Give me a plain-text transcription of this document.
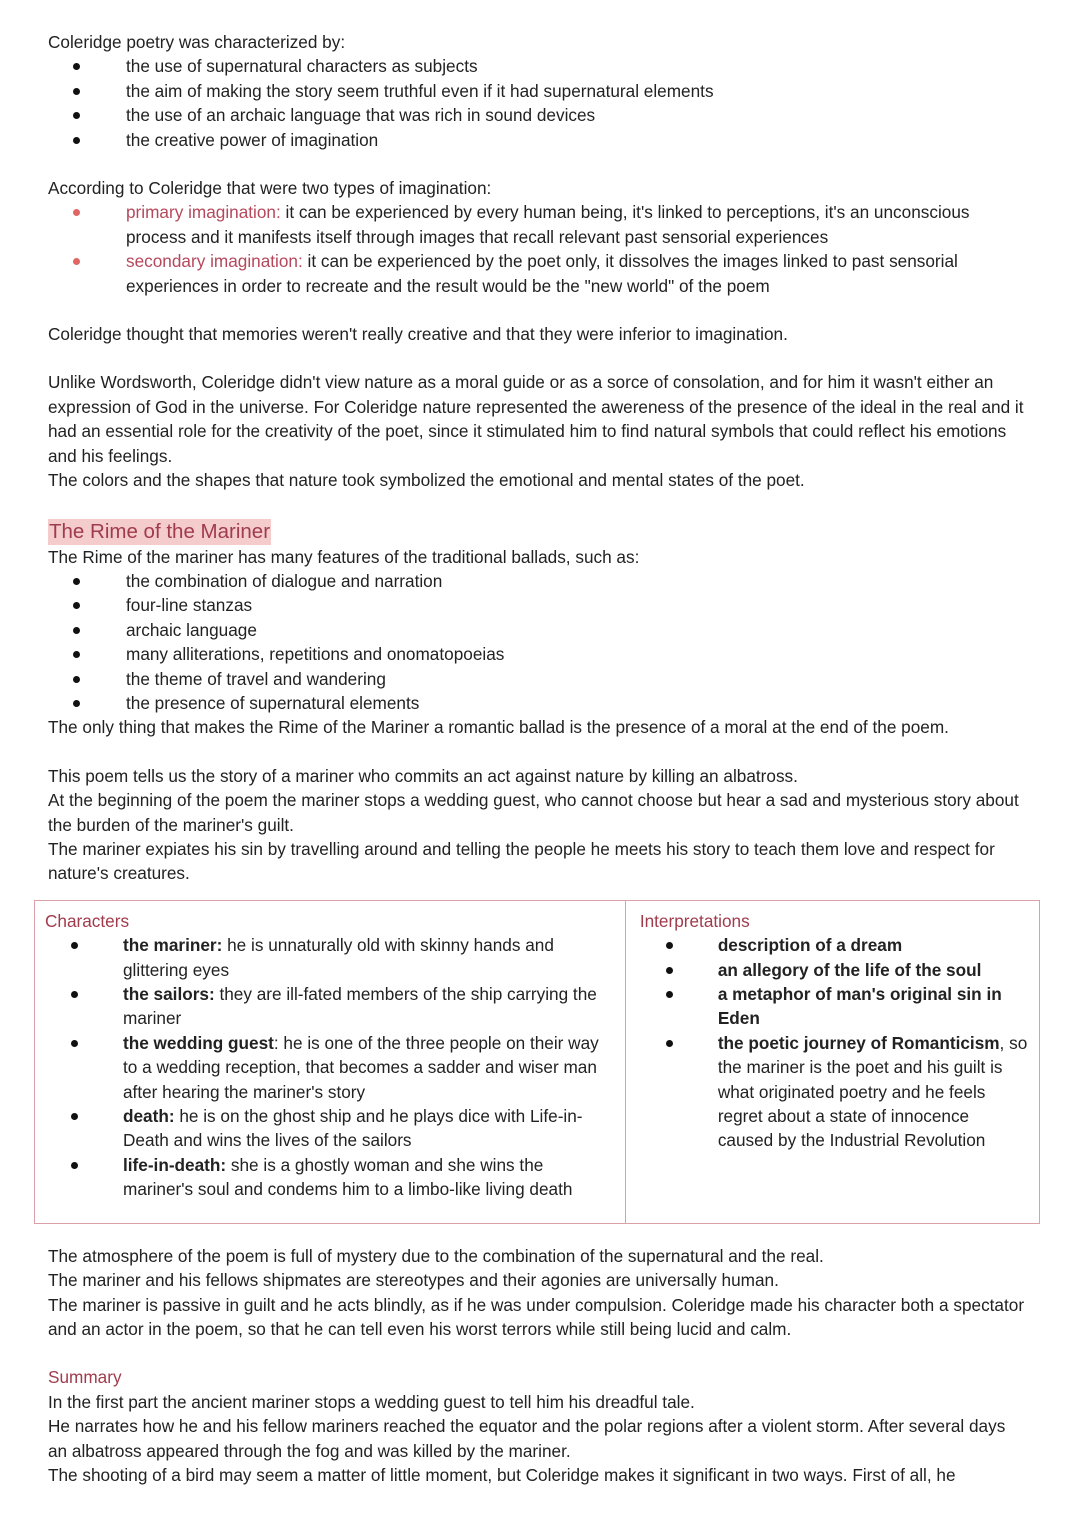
Coleridge poetry was characterized by:

the use of supernatural characters as subjects
the aim of making the story seem truthful even if it had supernatural elements
the use of an archaic language that was rich in sound devices
the creative power of imagination

According to Coleridge that were two types of imagination:

primary imagination: it can be experienced by every human being, it's linked to perceptions, it's an unconscious process and it manifests itself through images that recall relevant past sensorial experiences
secondary imagination: it can be experienced by the poet only, it dissolves the images linked to past sensorial experiences in order to recreate and the result would be the "new world" of the poem

Coleridge thought that memories weren't really creative and that they were inferior to imagination.

Unlike Wordsworth, Coleridge didn't view nature as a moral guide or as a sorce of consolation, and for him it wasn't either an expression of God in the universe. For Coleridge nature represented the awereness of the presence of the ideal in the real and it had an essential role for the creativity of the poet, since it stimulated him to find natural symbols that could reflect his emotions and his feelings.

The colors and the shapes that nature took symbolized the emotional and mental states of the poet.

The Rime of the Mariner

The Rime of the mariner has many features of the traditional ballads, such as:

the combination of dialogue and narration
four-line stanzas
archaic language
many alliterations, repetitions and onomatopoeias
the theme of travel and wandering
the presence of supernatural elements

The only thing that makes the Rime of the Mariner a romantic ballad is the presence of a moral at the end of the poem.

This poem tells us the story of a mariner who commits an act against nature by killing an albatross.

At the beginning of the poem the mariner stops a wedding guest, who cannot choose but hear a sad and mysterious story about the burden of the mariner's guilt.

The mariner expiates his sin by travelling around and telling the people he meets his story to teach them love and respect for nature's creatures.

Characters
the mariner: he is unnaturally old with skinny hands and glittering eyes
the sailors: they are ill-fated members of the ship carrying the mariner
the wedding guest: he is one of the three people on their way to a wedding reception, that becomes a sadder and wiser man after hearing the mariner's story
death: he is on the ghost ship and he plays dice with Life-in-Death and wins the lives of the sailors
life-in-death: she is a ghostly woman and she wins the mariner's soul and condems him to a limbo-like living death
Interpretations
description of a dream
an allegory of the life of the soul
a metaphor of man's original sin in Eden
the poetic journey of Romanticism, so the mariner is the poet and his guilt is what originated poetry and he feels regret about a state of innocence caused by the Industrial Revolution

The atmosphere of the poem is full of mystery due to the combination of the supernatural and the real.

The mariner and his fellows shipmates are stereotypes and their agonies are universally human.

The mariner is passive in guilt and he acts blindly, as if he was under compulsion. Coleridge made his character both a spectator and an actor in the poem, so that he can tell even his worst terrors while still being lucid and calm.

Summary

In the first part the ancient mariner stops a wedding guest to tell him his dreadful tale.

He narrates how he and his fellow mariners reached the equator and the polar regions after a violent storm. After several days an albatross appeared through the fog and was killed by the mariner.

The shooting of a bird may seem a matter of little moment, but Coleridge makes it significant in two ways. First of all, he
